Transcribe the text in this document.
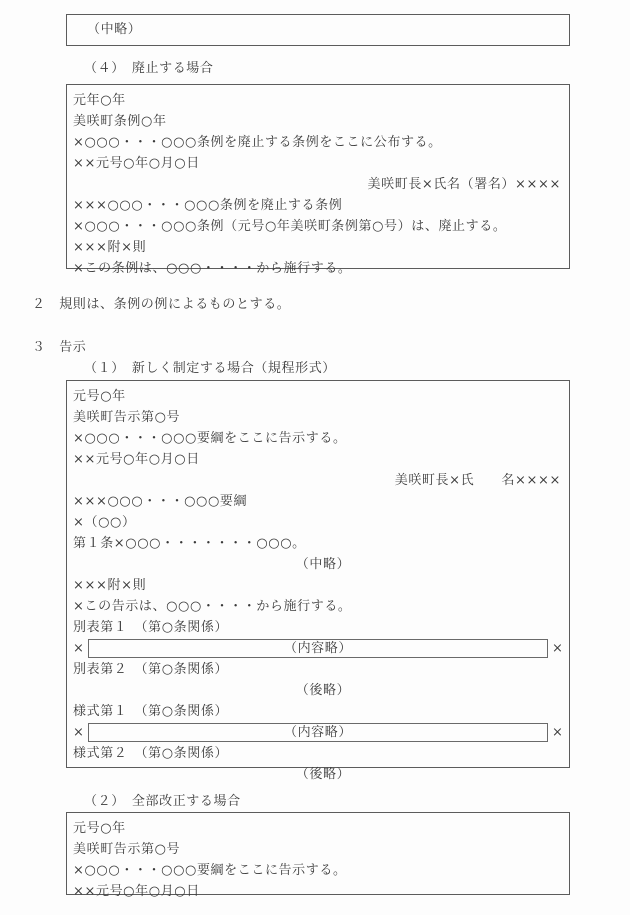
（中略）
（４）　廃止する場合
元年○年
美咲町条例○年
×○○○・・・○○○条例を廃止する条例をここに公布する。
××元号○年○月○日
美咲町長×氏名（署名）××××
×××○○○・・・○○○条例を廃止する条例
×○○○・・・○○○条例（元号○年美咲町条例第○号）は、廃止する。
×××附×則
×この条例は、○○○・・・・から施行する。
２　規則は、条例の例によるものとする。
３　告示
（１）　新しく制定する場合（規程形式）
元号○年
美咲町告示第○号
×○○○・・・○○○要綱をここに告示する。
××元号○年○月○日
美咲町長×氏　　名××××
×××○○○・・・○○○要綱
×（○○）
第１条×○○○・・・・・・・○○○。
（中略）
×××附×則
×この告示は、○○○・・・・から施行する。
別表第１　（第○条関係）
×	（内容略）	×
別表第２　（第○条関係）
（後略）
様式第１　（第○条関係）
×	（内容略）	×
様式第２　（第○条関係）
（後略）
（２）　全部改正する場合
元号○年
美咲町告示第○号
×○○○・・・○○○要綱をここに告示する。
××元号○年○月○日
